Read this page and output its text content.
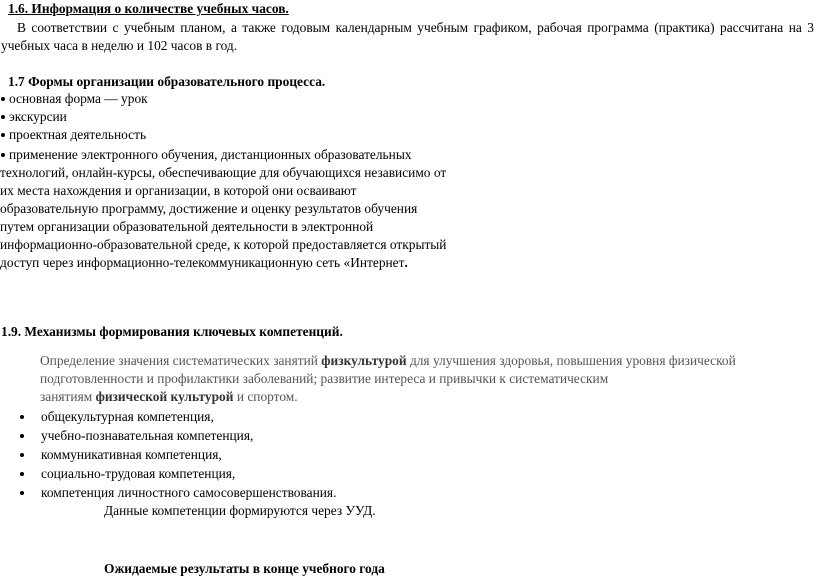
1.6. Информация о количестве учебных часов.
В соответствии с учебным планом, а также годовым календарным учебным графиком, рабочая программа (практика) рассчитана на 3
учебных часа в неделю и 102 часов в год.
1.7 Формы организации образовательного процесса.
основная форма — урок
экскурсии
проектная деятельность
применение электронного обучения, дистанционных образовательных
технологий, онлайн-курсы, обеспечивающие для обучающихся независимо от
их места нахождения и организации, в которой они осваивают
образовательную программу, достижение и оценку результатов обучения
путем организации образовательной деятельности в электронной
информационно-образовательной среде, к которой предоставляется открытый
доступ через информационно-телекоммуникационную сеть «Интернет.
1.9. Механизмы формирования ключевых компетенций.
Определение значения систематических занятий физкультурой для улучшения здоровья, повышения уровня физической
подготовленности и профилактики заболеваний; развитие интереса и привычки к систематическим
занятиям физической культурой и спортом.
общекультурная компетенция,
учебно-познавательная компетенция,
коммуникативная компетенция,
социально-трудовая компетенция,
компетенция личностного самосовершенствования.
Данные компетенции формируются через УУД.
Ожидаемые результаты в конце учебного года
